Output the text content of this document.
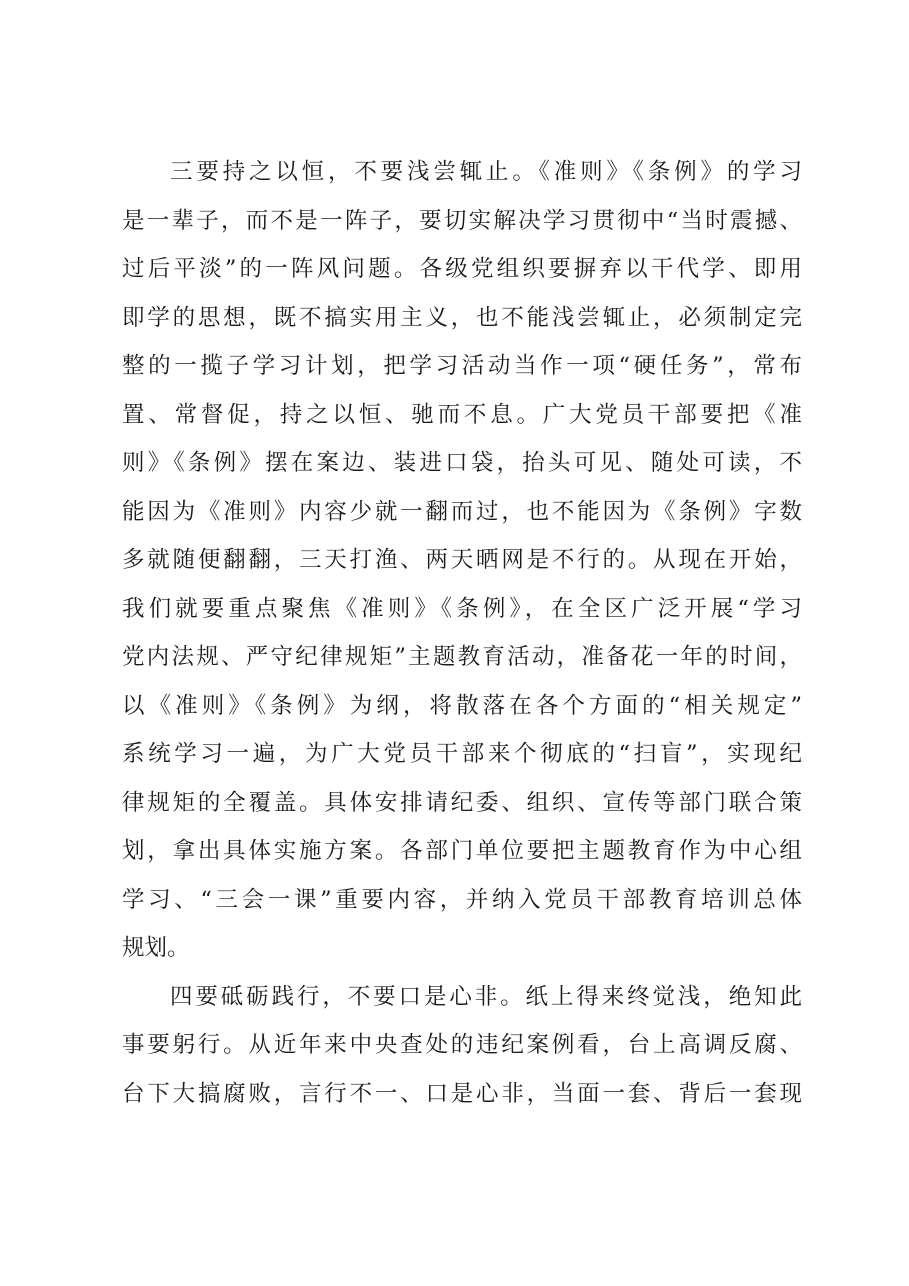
三要持之以恒，不要浅尝辄止。《准则》《条例》的学习
是一辈子，而不是一阵子，要切实解决学习贯彻中“当时震撼、
过后平淡”的一阵风问题。各级党组织要摒弃以干代学、即用
即学的思想，既不搞实用主义，也不能浅尝辄止，必须制定完
整的一揽子学习计划，把学习活动当作一项“硬任务”，常布
置、常督促，持之以恒、驰而不息。广大党员干部要把《准
则》《条例》摆在案边、装进口袋，抬头可见、随处可读，不
能因为《准则》内容少就一翻而过，也不能因为《条例》字数
多就随便翻翻，三天打渔、两天晒网是不行的。从现在开始，
我们就要重点聚焦《准则》《条例》，在全区广泛开展“学习
党内法规、严守纪律规矩”主题教育活动，准备花一年的时间，
以《准则》《条例》为纲，将散落在各个方面的“相关规定”
系统学习一遍，为广大党员干部来个彻底的“扫盲”，实现纪
律规矩的全覆盖。具体安排请纪委、组织、宣传等部门联合策
划，拿出具体实施方案。各部门单位要把主题教育作为中心组
学习、“三会一课”重要内容，并纳入党员干部教育培训总体
规划。
四要砥砺践行，不要口是心非。纸上得来终觉浅，绝知此
事要躬行。从近年来中央查处的违纪案例看，台上高调反腐、
台下大搞腐败，言行不一、口是心非，当面一套、背后一套现
